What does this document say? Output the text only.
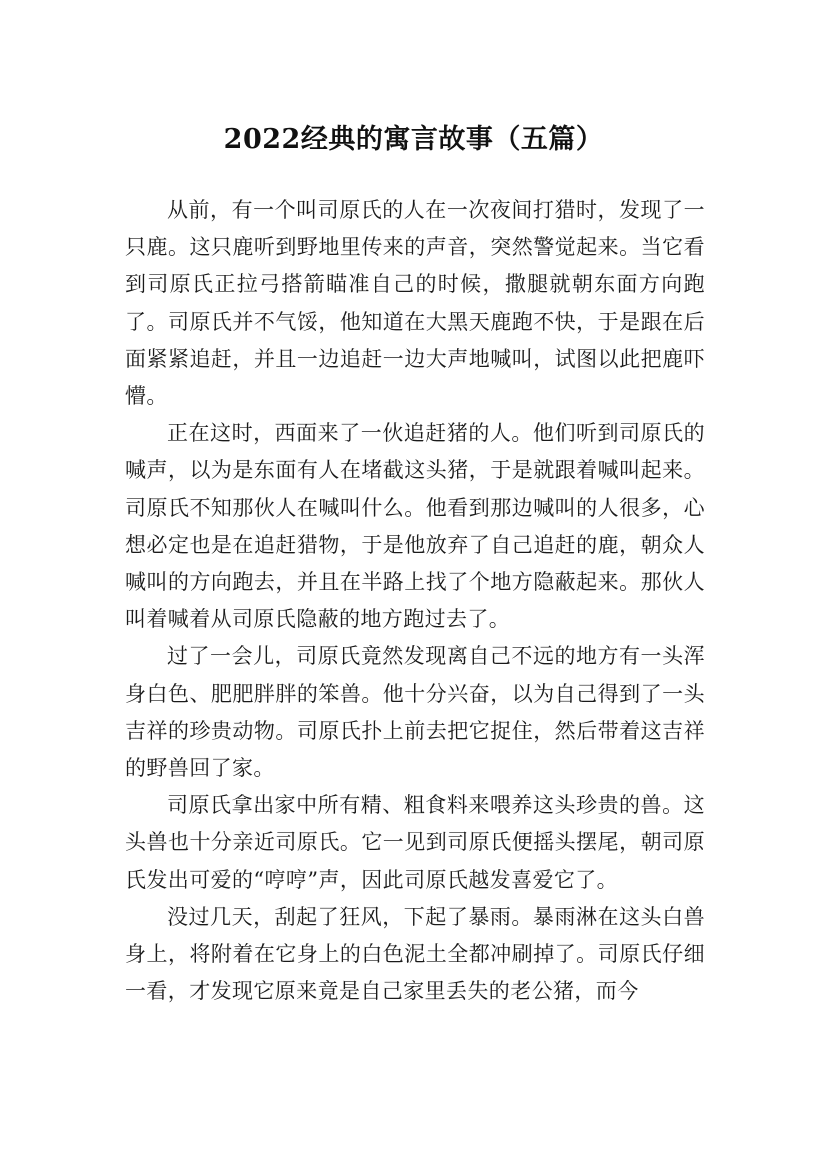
2022经典的寓言故事（五篇）

从前，有一个叫司原氏的人在一次夜间打猎时，发现了一只鹿。这只鹿听到野地里传来的声音，突然警觉起来。当它看到司原氏正拉弓搭箭瞄准自己的时候，撒腿就朝东面方向跑了。司原氏并不气馁，他知道在大黑天鹿跑不快，于是跟在后面紧紧追赶，并且一边追赶一边大声地喊叫，试图以此把鹿吓懵。

正在这时，西面来了一伙追赶猪的人。他们听到司原氏的喊声，以为是东面有人在堵截这头猪，于是就跟着喊叫起来。司原氏不知那伙人在喊叫什么。他看到那边喊叫的人很多，心想必定也是在追赶猎物，于是他放弃了自己追赶的鹿，朝众人喊叫的方向跑去，并且在半路上找了个地方隐蔽起来。那伙人叫着喊着从司原氏隐蔽的地方跑过去了。

过了一会儿，司原氏竟然发现离自己不远的地方有一头浑身白色、肥肥胖胖的笨兽。他十分兴奋，以为自己得到了一头吉祥的珍贵动物。司原氏扑上前去把它捉住，然后带着这吉祥的野兽回了家。

司原氏拿出家中所有精、粗食料来喂养这头珍贵的兽。这头兽也十分亲近司原氏。它一见到司原氏便摇头摆尾，朝司原氏发出可爱的“哼哼”声，因此司原氏越发喜爱它了。

没过几天，刮起了狂风，下起了暴雨。暴雨淋在这头白兽身上，将附着在它身上的白色泥土全都冲刷掉了。司原氏仔细一看，才发现它原来竟是自己家里丢失的老公猪，而今
